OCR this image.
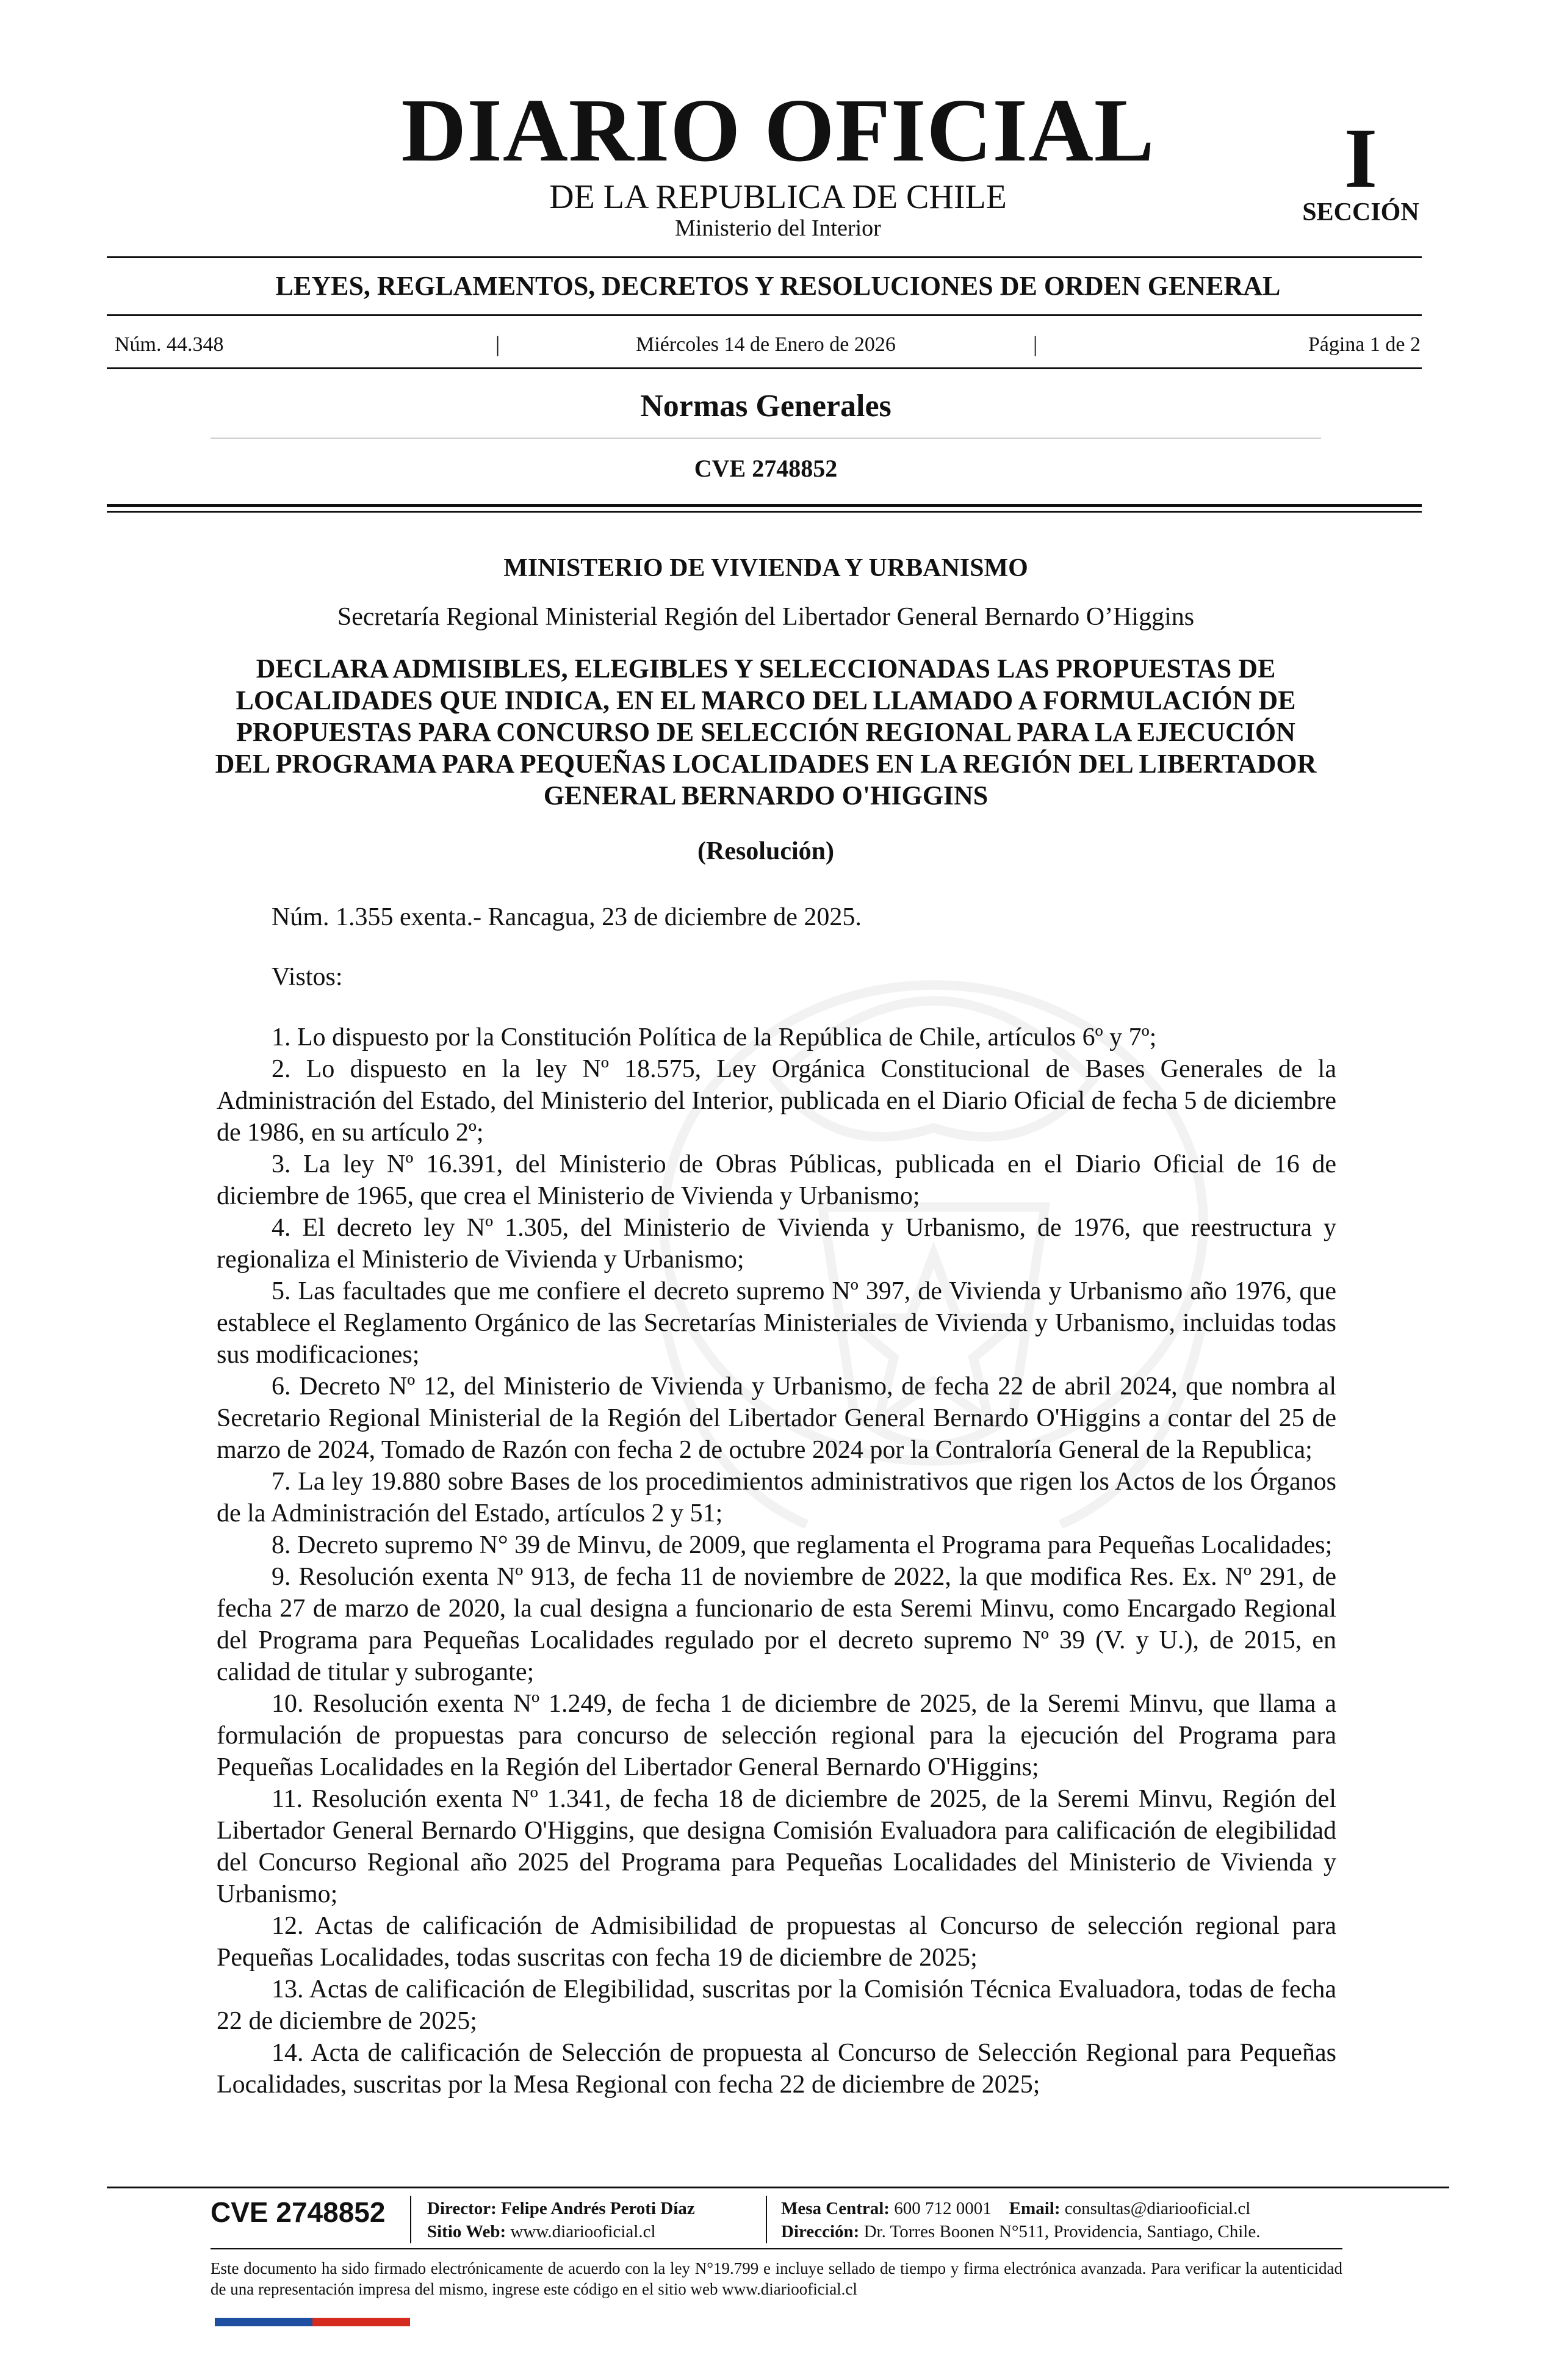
DIARIO OFICIAL
DE LA REPUBLICA DE CHILE
Ministerio del Interior
I
SECCIÓN
LEYES, REGLAMENTOS, DECRETOS Y RESOLUCIONES DE ORDEN GENERAL
Núm. 44.348	|	Miércoles 14 de Enero de 2026	|	Página 1 de 2
Normas Generales
CVE 2748852
MINISTERIO DE VIVIENDA Y URBANISMO
Secretaría Regional Ministerial Región del Libertador General Bernardo O’Higgins
DECLARA ADMISIBLES, ELEGIBLES Y SELECCIONADAS LAS PROPUESTAS DE LOCALIDADES QUE INDICA, EN EL MARCO DEL LLAMADO A FORMULACIÓN DE PROPUESTAS PARA CONCURSO DE SELECCIÓN REGIONAL PARA LA EJECUCIÓN DEL PROGRAMA PARA PEQUEÑAS LOCALIDADES EN LA REGIÓN DEL LIBERTADOR GENERAL BERNARDO O'HIGGINS
(Resolución)
Núm. 1.355 exenta.- Rancagua, 23 de diciembre de 2025.
Vistos:

1. Lo dispuesto por la Constitución Política de la República de Chile, artículos 6º y 7º;

2. Lo dispuesto en la ley Nº 18.575, Ley Orgánica Constitucional de Bases Generales de la Administración del Estado, del Ministerio del Interior, publicada en el Diario Oficial de fecha 5 de diciembre de 1986, en su artículo 2º;

3. La ley Nº 16.391, del Ministerio de Obras Públicas, publicada en el Diario Oficial de 16 de diciembre de 1965, que crea el Ministerio de Vivienda y Urbanismo;

4. El decreto ley Nº 1.305, del Ministerio de Vivienda y Urbanismo, de 1976, que reestructura y regionaliza el Ministerio de Vivienda y Urbanismo;

5. Las facultades que me confiere el decreto supremo Nº 397, de Vivienda y Urbanismo año 1976, que establece el Reglamento Orgánico de las Secretarías Ministeriales de Vivienda y Urbanismo, incluidas todas sus modificaciones;

6. Decreto Nº 12, del Ministerio de Vivienda y Urbanismo, de fecha 22 de abril 2024, que nombra al Secretario Regional Ministerial de la Región del Libertador General Bernardo O'Higgins a contar del 25 de marzo de 2024, Tomado de Razón con fecha 2 de octubre 2024 por la Contraloría General de la Republica;

7. La ley 19.880 sobre Bases de los procedimientos administrativos que rigen los Actos de los Órganos de la Administración del Estado, artículos 2 y 51;

8. Decreto supremo N° 39 de Minvu, de 2009, que reglamenta el Programa para Pequeñas Localidades;

9. Resolución exenta Nº 913, de fecha 11 de noviembre de 2022, la que modifica Res. Ex. Nº 291, de fecha 27 de marzo de 2020, la cual designa a funcionario de esta Seremi Minvu, como Encargado Regional del Programa para Pequeñas Localidades regulado por el decreto supremo Nº 39 (V. y U.), de 2015, en calidad de titular y subrogante;

10. Resolución exenta Nº 1.249, de fecha 1 de diciembre de 2025, de la Seremi Minvu, que llama a formulación de propuestas para concurso de selección regional para la ejecución del Programa para Pequeñas Localidades en la Región del Libertador General Bernardo O'Higgins;

11. Resolución exenta Nº 1.341, de fecha 18 de diciembre de 2025, de la Seremi Minvu, Región del Libertador General Bernardo O'Higgins, que designa Comisión Evaluadora para calificación de elegibilidad del Concurso Regional año 2025 del Programa para Pequeñas Localidades del Ministerio de Vivienda y Urbanismo;

12. Actas de calificación de Admisibilidad de propuestas al Concurso de selección regional para Pequeñas Localidades, todas suscritas con fecha 19 de diciembre de 2025;

13. Actas de calificación de Elegibilidad, suscritas por la Comisión Técnica Evaluadora, todas de fecha 22 de diciembre de 2025;

14. Acta de calificación de Selección de propuesta al Concurso de Selección Regional para Pequeñas Localidades, suscritas por la Mesa Regional con fecha 22 de diciembre de 2025;

CVE 2748852 Director: Felipe Andrés Peroti Díaz
Sitio Web: www.diariooficial.cl
Mesa Central: 600 712 0001 Email: consultas@diariooficial.cl
Dirección: Dr. Torres Boonen N°511, Providencia, Santiago, Chile.
Este documento ha sido firmado electrónicamente de acuerdo con la ley N°19.799 e incluye sellado de tiempo y firma electrónica avanzada. Para verificar la autenticidad de una representación impresa del mismo, ingrese este código en el sitio web www.diariooficial.cl
